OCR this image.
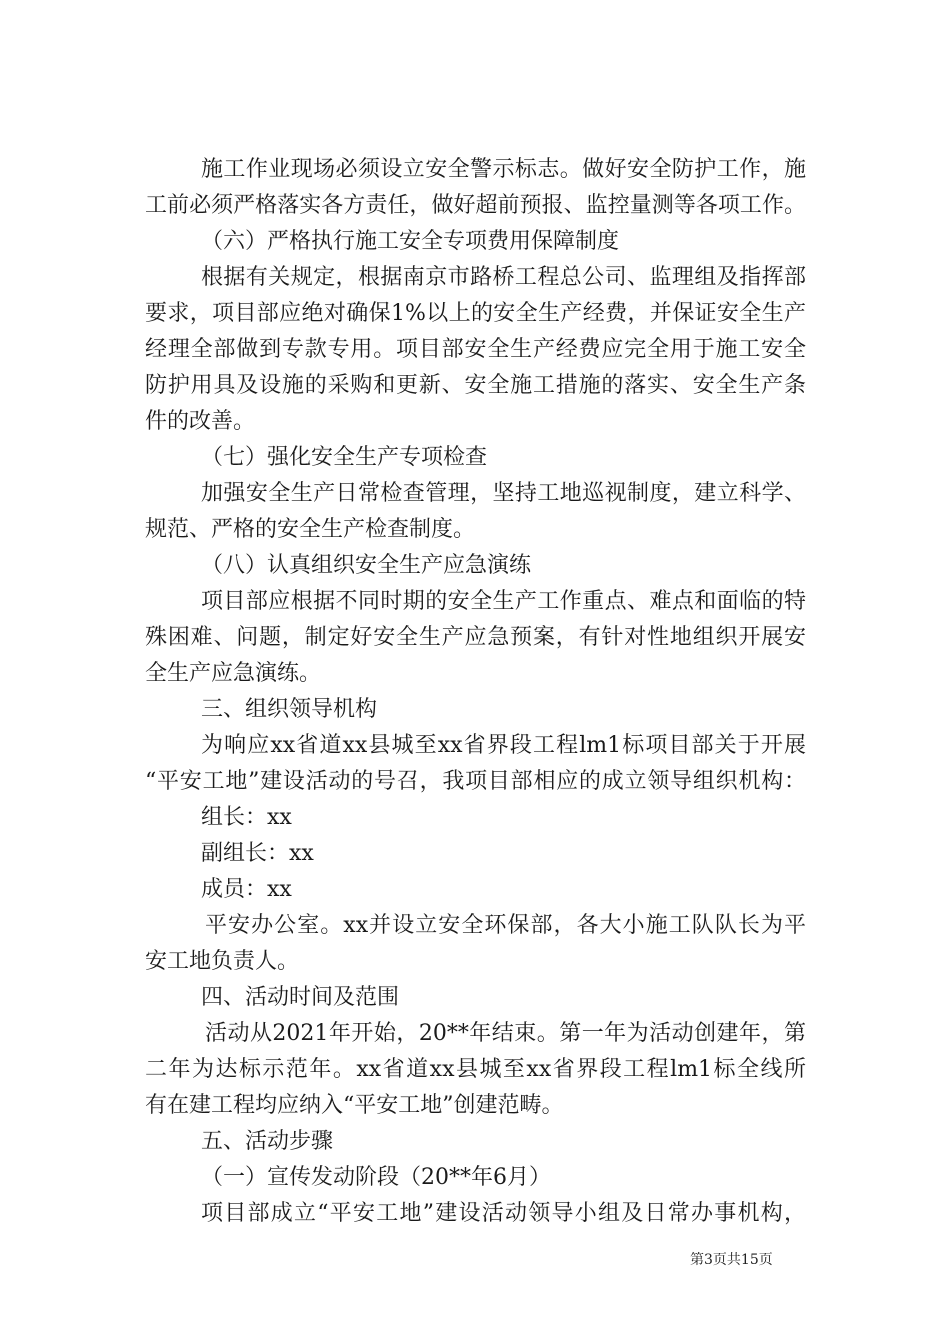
施工作业现场必须设立安全警示标志。做好安全防护工作，施
工前必须严格落实各方责任，做好超前预报、监控量测等各项工作。
（六）严格执行施工安全专项费用保障制度
根据有关规定，根据南京市路桥工程总公司、监理组及指挥部
要求，项目部应绝对确保1%以上的安全生产经费，并保证安全生产
经理全部做到专款专用。项目部安全生产经费应完全用于施工安全
防护用具及设施的采购和更新、安全施工措施的落实、安全生产条
件的改善。
（七）强化安全生产专项检查
加强安全生产日常检查管理，坚持工地巡视制度，建立科学、
规范、严格的安全生产检查制度。
（八）认真组织安全生产应急演练
项目部应根据不同时期的安全生产工作重点、难点和面临的特
殊困难、问题，制定好安全生产应急预案，有针对性地组织开展安
全生产应急演练。
三、组织领导机构
为响应xx省道xx县城至xx省界段工程lm1标项目部关于开展
“平安工地”建设活动的号召，我项目部相应的成立领导组织机构：
组长：xx
副组长：xx
成员：xx
平安办公室。xx并设立安全环保部，各大小施工队队长为平
安工地负责人。
四、活动时间及范围
活动从2021年开始，20**年结束。第一年为活动创建年，第
二年为达标示范年。xx省道xx县城至xx省界段工程lm1标全线所
有在建工程均应纳入“平安工地”创建范畴。
五、活动步骤
（一）宣传发动阶段（20**年6月）
项目部成立“平安工地”建设活动领导小组及日常办事机构，
第3页共15页
